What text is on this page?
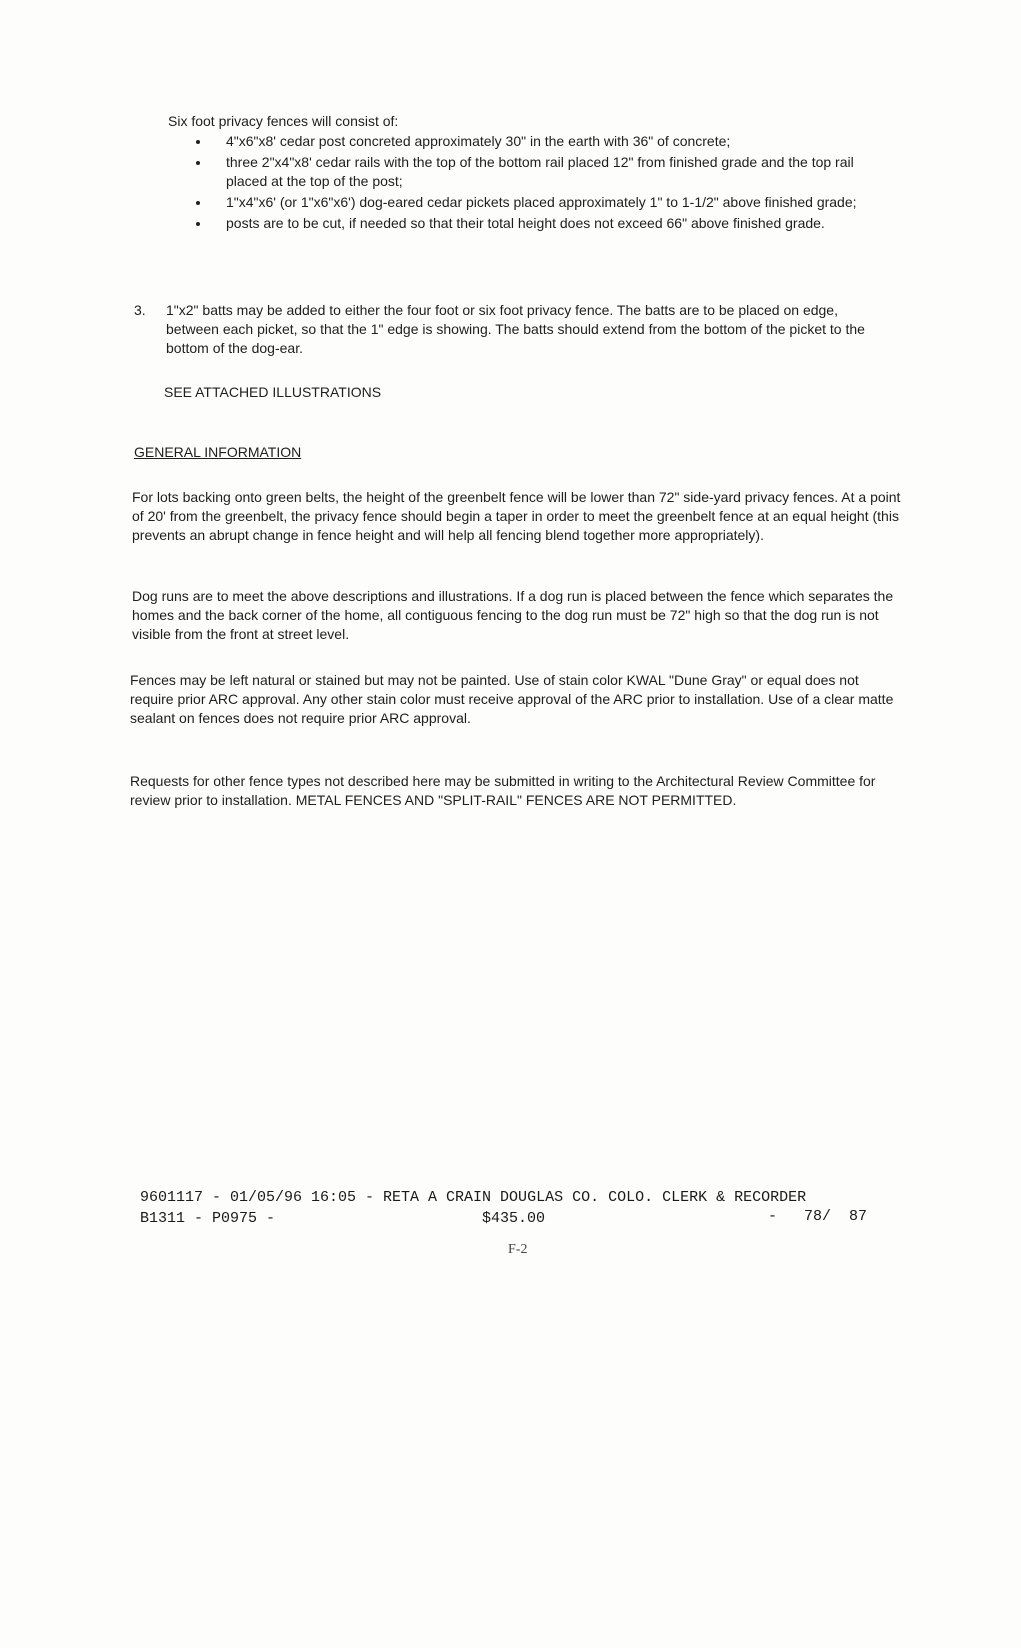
Six foot privacy fences will consist of:

4"x6"x8' cedar post concreted approximately 30" in the earth with 36" of concrete;
three 2"x4"x8' cedar rails with the top of the bottom rail placed 12" from finished grade and the top rail placed at the top of the post;
1"x4"x6' (or 1"x6"x6') dog-eared cedar pickets placed approximately 1" to 1-1/2" above finished grade;
posts are to be cut, if needed so that their total height does not exceed 66" above finished grade.
3. 1"x2" batts may be added to either the four foot or six foot privacy fence. The batts are to be placed on edge, between each picket, so that the 1" edge is showing. The batts should extend from the bottom of the picket to the bottom of the dog-ear.

SEE ATTACHED ILLUSTRATIONS

GENERAL INFORMATION

For lots backing onto green belts, the height of the greenbelt fence will be lower than 72" side-yard privacy fences. At a point of 20' from the greenbelt, the privacy fence should begin a taper in order to meet the greenbelt fence at an equal height (this prevents an abrupt change in fence height and will help all fencing blend together more appropriately).

Dog runs are to meet the above descriptions and illustrations. If a dog run is placed between the fence which separates the homes and the back corner of the home, all contiguous fencing to the dog run must be 72" high so that the dog run is not visible from the front at street level.

Fences may be left natural or stained but may not be painted. Use of stain color KWAL "Dune Gray" or equal does not require prior ARC approval. Any other stain color must receive approval of the ARC prior to installation. Use of a clear matte sealant on fences does not require prior ARC approval.

Requests for other fence types not described here may be submitted in writing to the Architectural Review Committee for review prior to installation. METAL FENCES AND "SPLIT-RAIL" FENCES ARE NOT PERMITTED.

9601117 - 01/05/96 16:05 - RETA A CRAIN DOUGLAS CO. COLO. CLERK & RECORDER
B1311 - P0975 -	$435.00	-   78/  87
F-2
